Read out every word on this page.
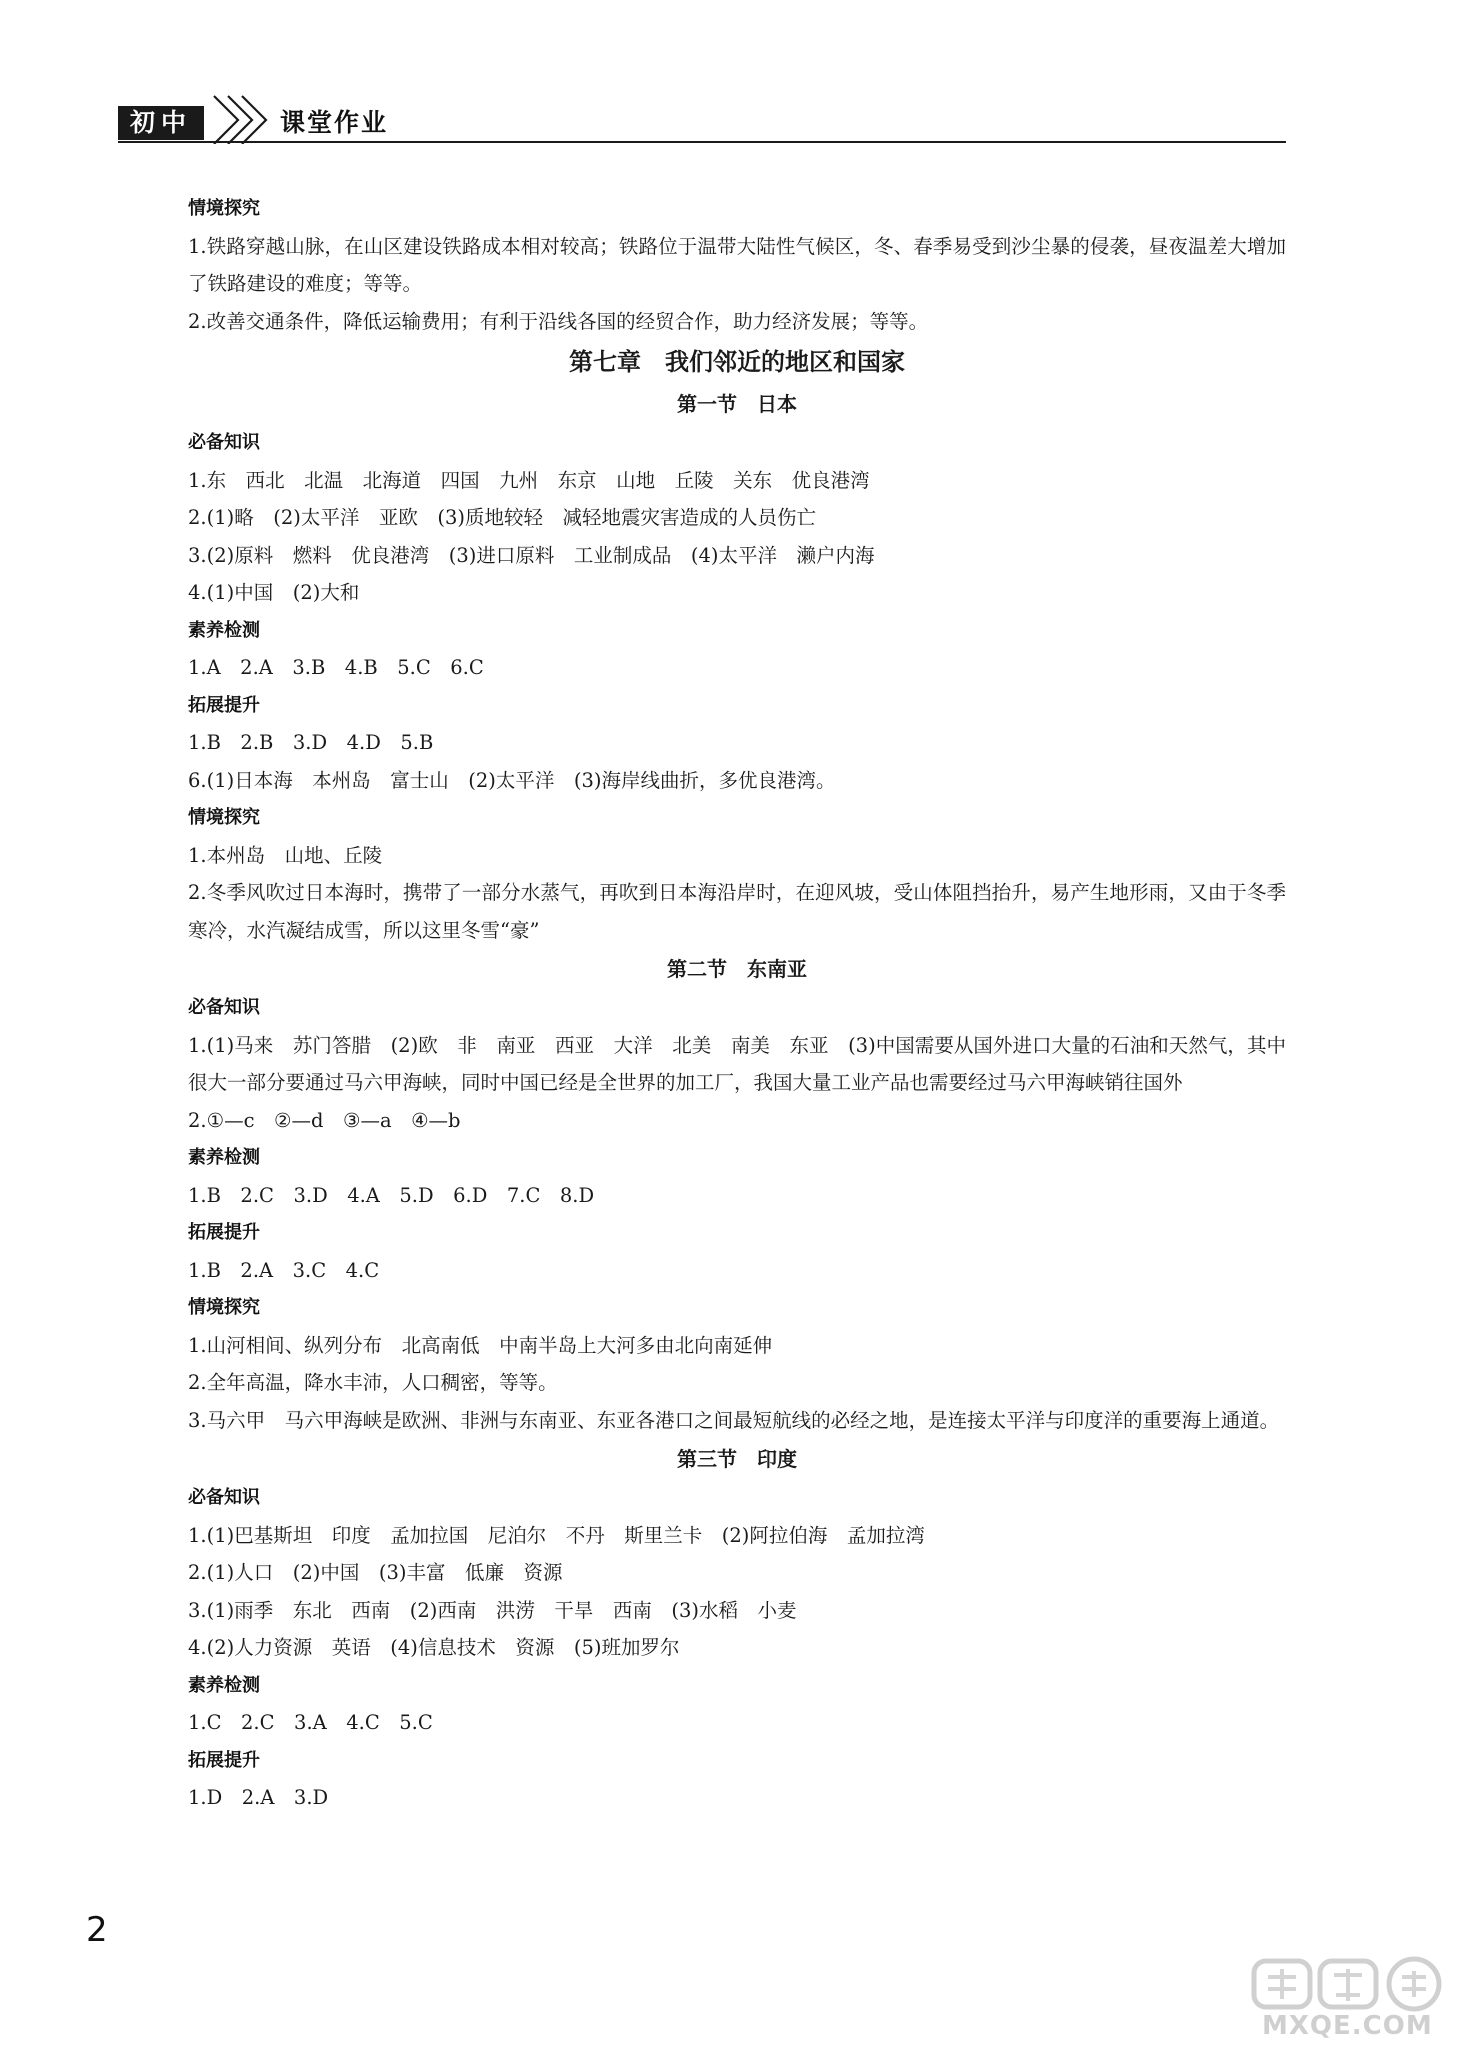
初中	课堂作业
情境探究
1.铁路穿越山脉，在山区建设铁路成本相对较高；铁路位于温带大陆性气候区，冬、春季易受到沙尘暴的侵袭，昼夜温差大增加了铁路建设的难度；等等。
2.改善交通条件，降低运输费用；有利于沿线各国的经贸合作，助力经济发展；等等。
第七章　我们邻近的地区和国家
第一节　日本
必备知识
1.东　西北　北温　北海道　四国　九州　东京　山地　丘陵　关东　优良港湾
2.(1)略　(2)太平洋　亚欧　(3)质地较轻　减轻地震灾害造成的人员伤亡
3.(2)原料　燃料　优良港湾　(3)进口原料　工业制成品　(4)太平洋　濑户内海
4.(1)中国　(2)大和
素养检测
1.A　2.A　3.B　4.B　5.C　6.C
拓展提升
1.B　2.B　3.D　4.D　5.B
6.(1)日本海　本州岛　富士山　(2)太平洋　(3)海岸线曲折，多优良港湾。
情境探究
1.本州岛　山地、丘陵
2.冬季风吹过日本海时，携带了一部分水蒸气，再吹到日本海沿岸时，在迎风坡，受山体阻挡抬升，易产生地形雨，又由于冬季寒冷，水汽凝结成雪，所以这里冬雪“豪”
第二节　东南亚
必备知识
1.(1)马来　苏门答腊　(2)欧　非　南亚　西亚　大洋　北美　南美　东亚　(3)中国需要从国外进口大量的石油和天然气，其中很大一部分要通过马六甲海峡，同时中国已经是全世界的加工厂，我国大量工业产品也需要经过马六甲海峡销往国外
2.①—c　②—d　③—a　④—b
素养检测
1.B　2.C　3.D　4.A　5.D　6.D　7.C　8.D
拓展提升
1.B　2.A　3.C　4.C
情境探究
1.山河相间、纵列分布　北高南低　中南半岛上大河多由北向南延伸
2.全年高温，降水丰沛，人口稠密，等等。
3.马六甲　马六甲海峡是欧洲、非洲与东南亚、东亚各港口之间最短航线的必经之地，是连接太平洋与印度洋的重要海上通道。
第三节　印度
必备知识
1.(1)巴基斯坦　印度　孟加拉国　尼泊尔　不丹　斯里兰卡　(2)阿拉伯海　孟加拉湾
2.(1)人口　(2)中国　(3)丰富　低廉　资源
3.(1)雨季　东北　西南　(2)西南　洪涝　干旱　西南　(3)水稻　小麦
4.(2)人力资源　英语　(4)信息技术　资源　(5)班加罗尔
素养检测
1.C　2.C　3.A　4.C　5.C
拓展提升
1.D　2.A　3.D
2
MXQE.COM
